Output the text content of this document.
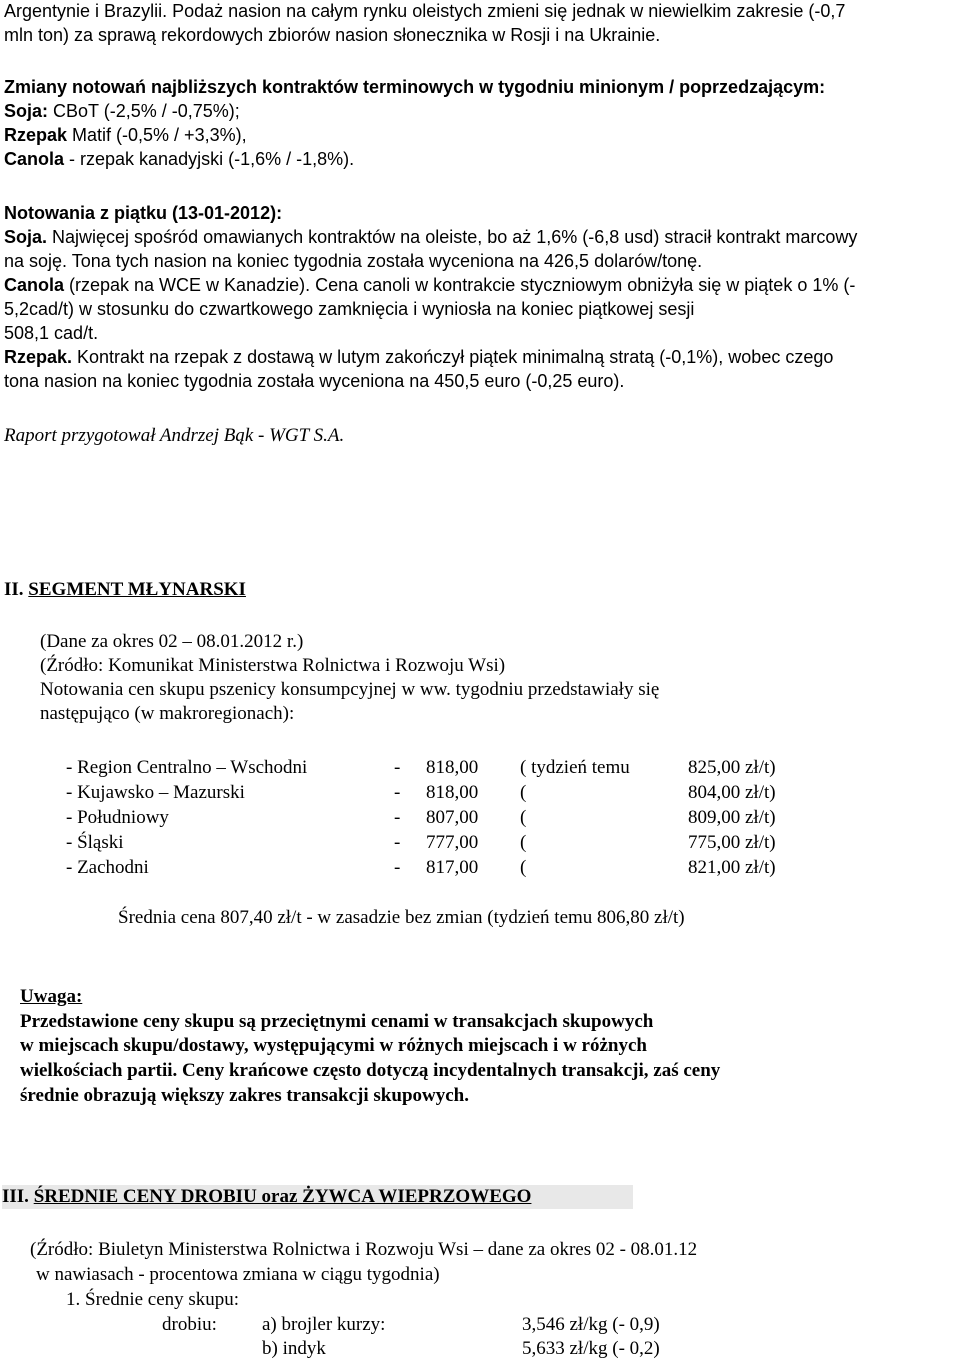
Argentynie i Brazylii. Podaż nasion na całym rynku oleistych zmieni się jednak w niewielkim zakresie (-0,7
mln ton) za sprawą rekordowych zbiorów nasion słonecznika w Rosji i na Ukrainie.
Zmiany notowań najbliższych kontraktów terminowych w tygodniu minionym / poprzedzającym:
Soja: CBoT (-2,5% / -0,75%);
Rzepak Matif (-0,5% / +3,3%),
Canola - rzepak kanadyjski (-1,6% / -1,8%).
Notowania z piątku (13-01-2012):
Soja. Najwięcej spośród omawianych kontraktów na oleiste, bo aż 1,6% (-6,8 usd) stracił kontrakt marcowy
na soję. Tona tych nasion na koniec tygodnia została wyceniona na 426,5 dolarów/tonę.
Canola (rzepak na WCE w Kanadzie). Cena canoli w kontrakcie styczniowym obniżyła się w piątek o 1% (-
5,2cad/t) w stosunku do czwartkowego zamknięcia i wyniosła na koniec piątkowej sesji
508,1 cad/t.
Rzepak. Kontrakt na rzepak z dostawą w lutym zakończył piątek minimalną stratą (-0,1%), wobec czego
tona nasion na koniec tygodnia została wyceniona na 450,5 euro (-0,25 euro).
Raport przygotował Andrzej Bąk - WGT S.A.
II. SEGMENT MŁYNARSKI
(Dane za okres 02 – 08.01.2012 r.)
(Źródło: Komunikat Ministerstwa Rolnictwa i Rozwoju Wsi)
Notowania cen skupu pszenicy konsumpcyjnej w ww. tygodniu przedstawiały się
następująco (w makroregionach):
- Region Centralno – Wschodni	- 818,00 ( tydzień temu	825,00 zł/t)
- Kujawsko – Mazurski	- 818,00 (	804,00 zł/t)
- Południowy	- 807,00 (	809,00 zł/t)
- Śląski	- 777,00 (	775,00 zł/t)
- Zachodni	- 817,00 (	821,00 zł/t)
Średnia cena 807,40 zł/t - w zasadzie bez zmian (tydzień temu 806,80 zł/t)
Uwaga:
Przedstawione ceny skupu są przeciętnymi cenami w transakcjach skupowych
w miejscach skupu/dostawy, występującymi w różnych miejscach i w różnych
wielkościach partii. Ceny krańcowe często dotyczą incydentalnych transakcji, zaś ceny
średnie obrazują większy zakres transakcji skupowych.
III. ŚREDNIE CENY DROBIU oraz ŻYWCA WIEPRZOWEGO
(Źródło: Biuletyn Ministerstwa Rolnictwa i Rozwoju Wsi – dane za okres 02 - 08.01.12
w nawiasach - procentowa zmiana w ciągu tygodnia)
1. Średnie ceny skupu:
drobiu: a) brojler kurzy:	3,546 zł/kg (- 0,9)
b) indyk	5,633 zł/kg (- 0,2)
